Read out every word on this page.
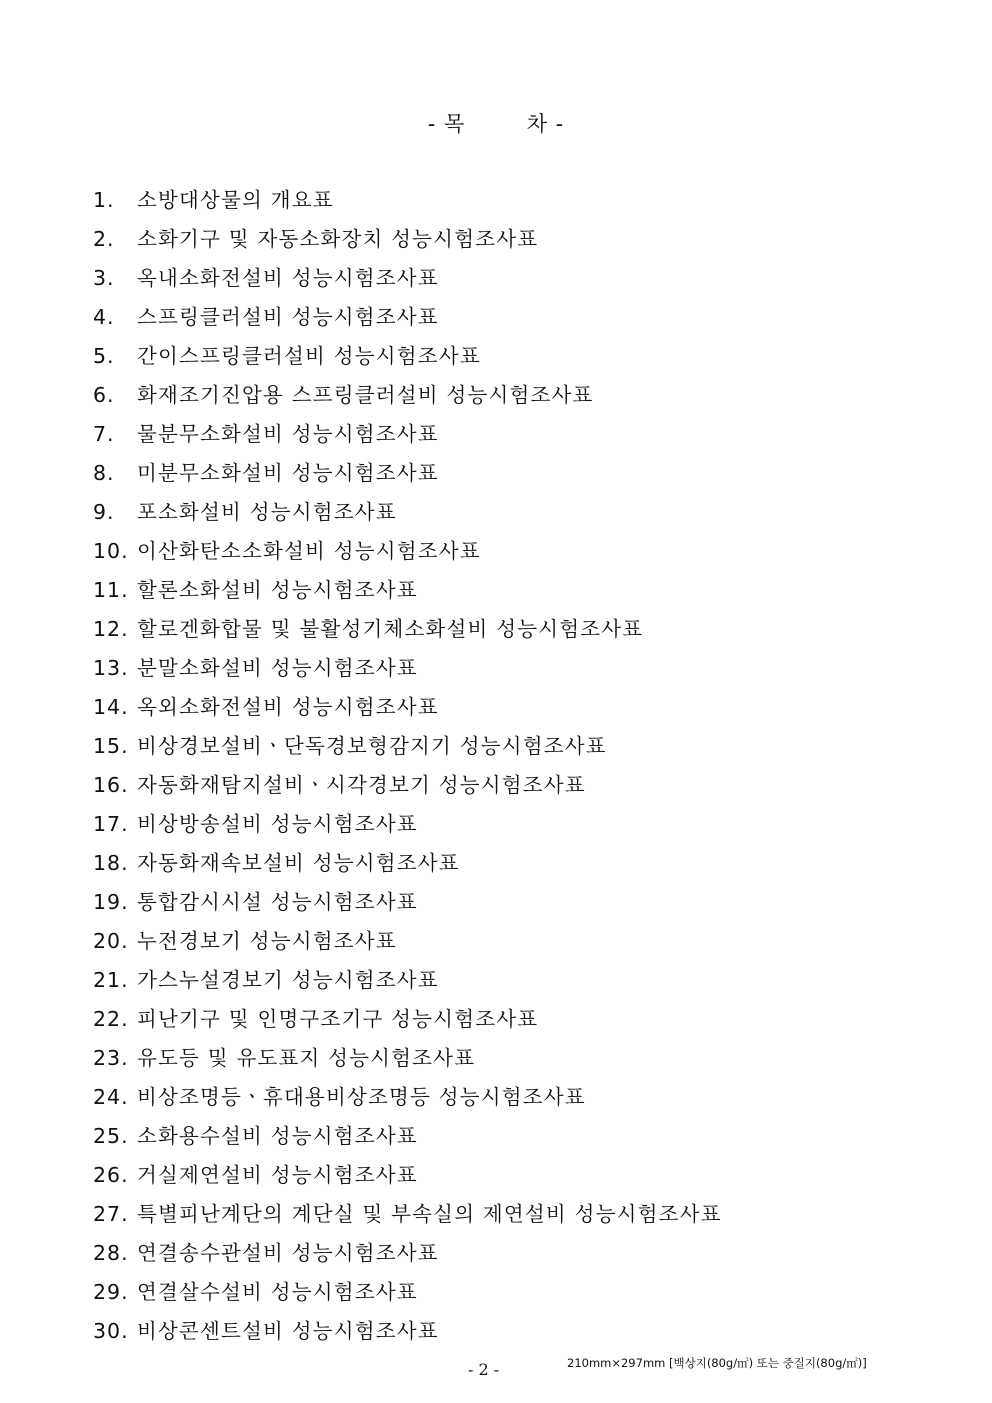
- 목        차 -
1.	소방대상물의 개요표
2.	소화기구 및 자동소화장치 성능시험조사표
3.	옥내소화전설비 성능시험조사표
4.	스프링클러설비 성능시험조사표
5.	간이스프링클러설비 성능시험조사표
6.	화재조기진압용 스프링클러설비 성능시험조사표
7.	물분무소화설비 성능시험조사표
8.	미분무소화설비 성능시험조사표
9.	포소화설비 성능시험조사표
10. 이산화탄소소화설비 성능시험조사표
11. 할론소화설비 성능시험조사표
12. 할로겐화합물 및 불활성기체소화설비 성능시험조사표
13. 분말소화설비 성능시험조사표
14. 옥외소화전설비 성능시험조사표
15. 비상경보설비ㆍ단독경보형감지기 성능시험조사표
16. 자동화재탐지설비ㆍ시각경보기 성능시험조사표
17. 비상방송설비 성능시험조사표
18. 자동화재속보설비 성능시험조사표
19. 통합감시시설 성능시험조사표
20. 누전경보기 성능시험조사표
21. 가스누설경보기 성능시험조사표
22. 피난기구 및 인명구조기구 성능시험조사표
23. 유도등 및 유도표지 성능시험조사표
24. 비상조명등ㆍ휴대용비상조명등 성능시험조사표
25. 소화용수설비 성능시험조사표
26. 거실제연설비 성능시험조사표
27. 특별피난계단의 계단실 및 부속실의 제연설비 성능시험조사표
28. 연결송수관설비 성능시험조사표
29. 연결살수설비 성능시험조사표
30. 비상콘센트설비 성능시험조사표
- 2 -	210mm×297mm [백상지(80g/㎡) 또는 중질지(80g/㎡)]
